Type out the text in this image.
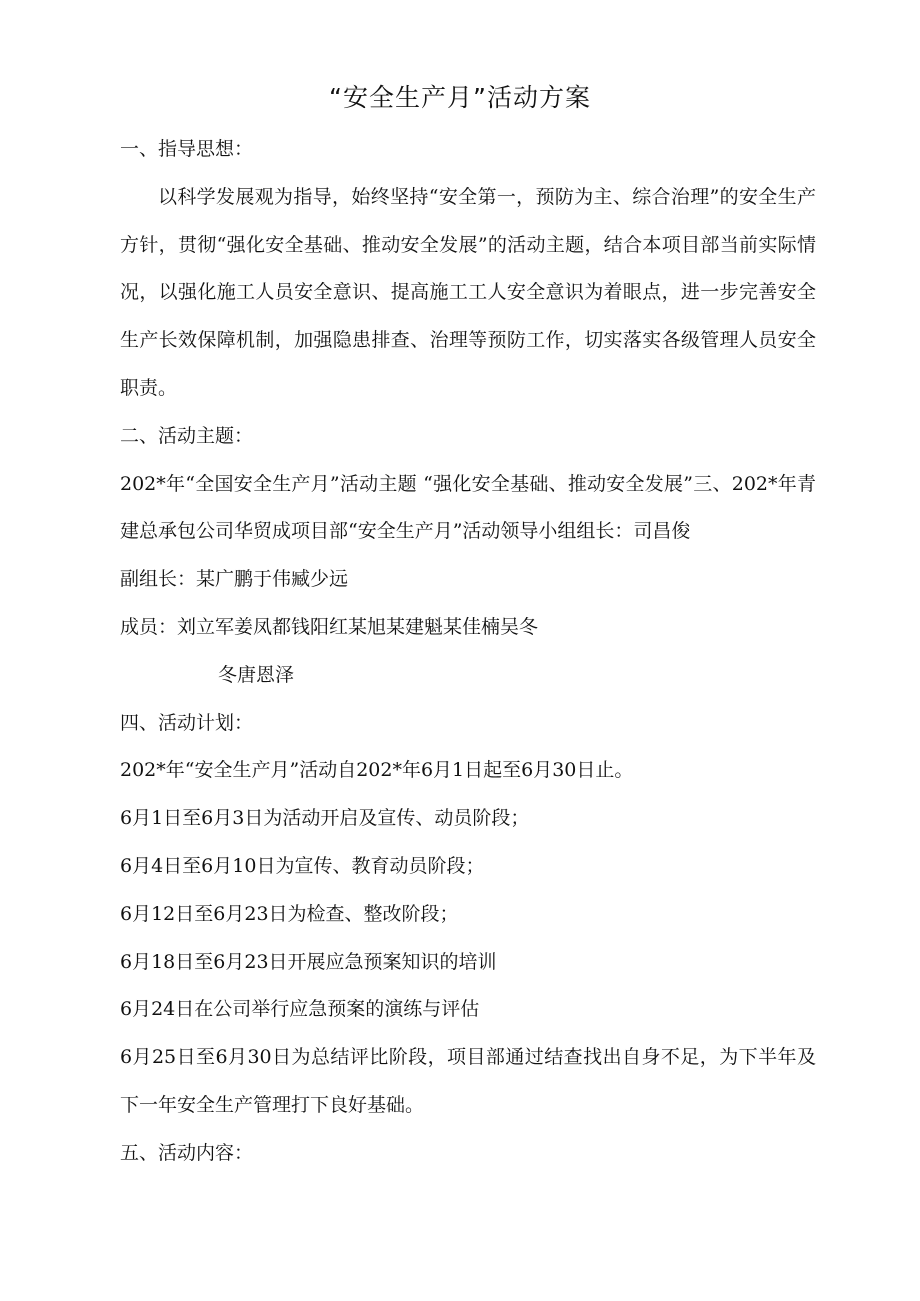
“安全生产月”活动方案

一、指导思想：

以科学发展观为指导，始终坚持“安全第一，预防为主、综合治理”的安全生产方针，贯彻“强化安全基础、推动安全发展”的活动主题，结合本项目部当前实际情况，以强化施工人员安全意识、提高施工工人安全意识为着眼点，进一步完善安全生产长效保障机制，加强隐患排查、治理等预防工作，切实落实各级管理人员安全职责。

二、活动主题：

202*年“全国安全生产月”活动主题 “强化安全基础、推动安全发展”三、202*年青建总承包公司华贸成项目部“安全生产月”活动领导小组组长：司昌俊

副组长：某广鹏于伟臧少远

成员：刘立军姜凤都钱阳红某旭某建魁某佳楠吴冬

冬唐恩泽

四、活动计划：

202*年“安全生产月”活动自202*年6月1日起至6月30日止。

6月1日至6月3日为活动开启及宣传、动员阶段；

6月4日至6月10日为宣传、教育动员阶段；

6月12日至6月23日为检查、整改阶段；

6月18日至6月23日开展应急预案知识的培训

6月24日在公司举行应急预案的演练与评估

6月25日至6月30日为总结评比阶段，项目部通过结查找出自身不足，为下半年及下一年安全生产管理打下良好基础。

五、活动内容：
